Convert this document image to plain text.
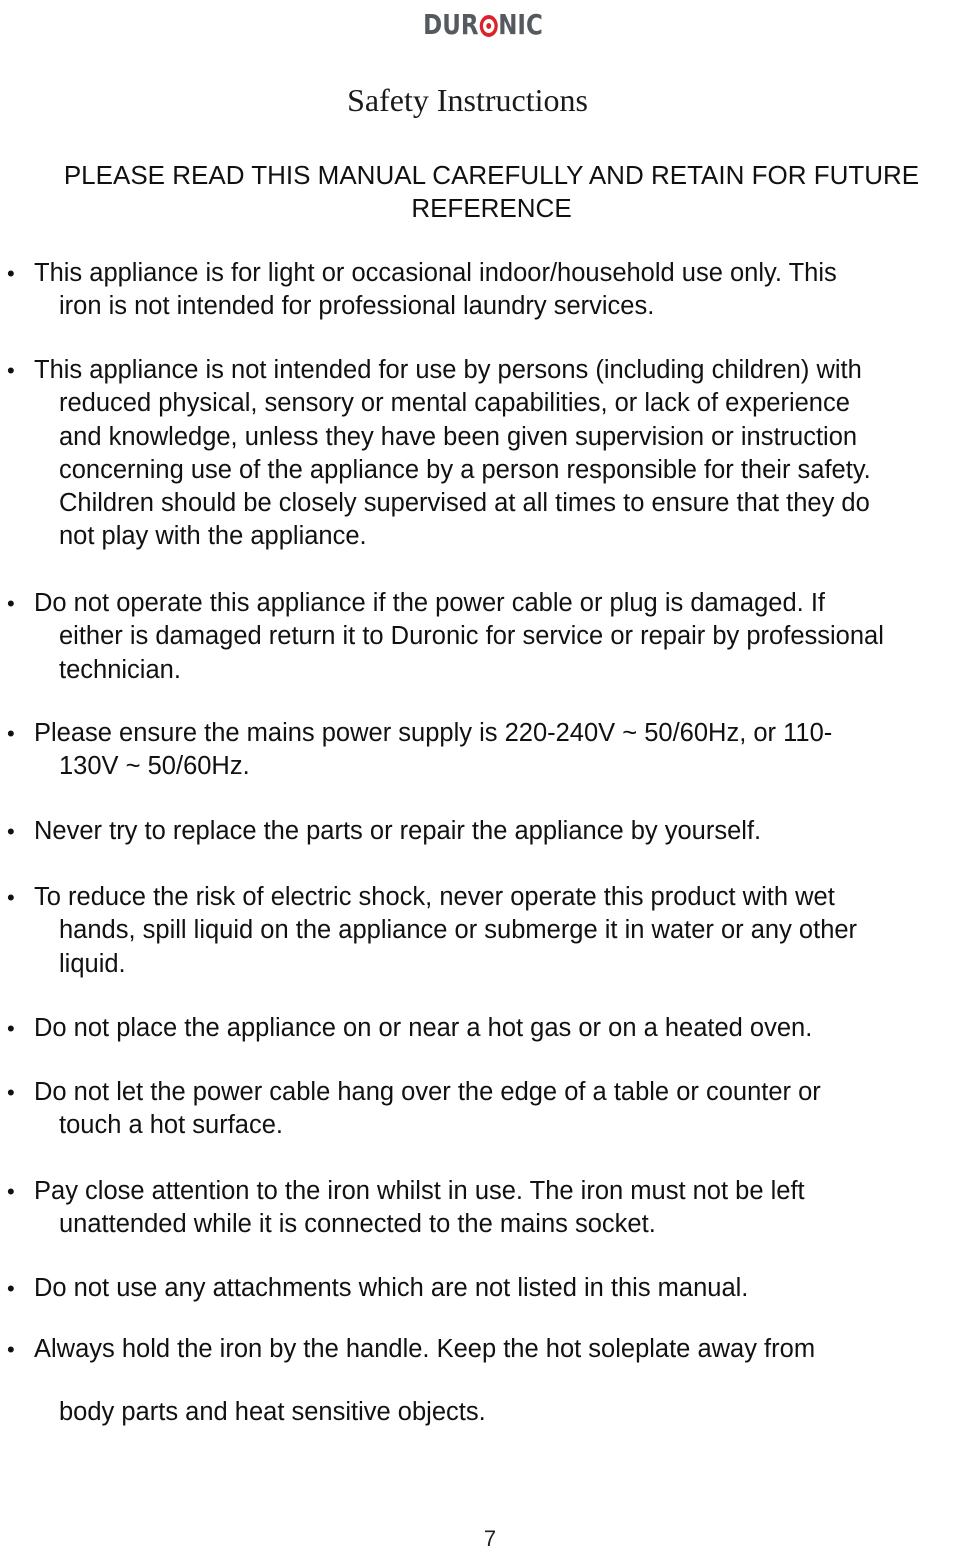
DUR NIC
Safety Instructions
PLEASE READ THIS MANUAL CAREFULLY AND RETAIN FOR FUTURE
REFERENCE
• This appliance is for light or occasional indoor/household use only. This
iron is not intended for professional laundry services.
• This appliance is not intended for use by persons (including children) with
reduced physical, sensory or mental capabilities, or lack of experience
and knowledge, unless they have been given supervision or instruction
concerning use of the appliance by a person responsible for their safety.
Children should be closely supervised at all times to ensure that they do
not play with the appliance.
• Do not operate this appliance if the power cable or plug is damaged. If
either is damaged return it to Duronic for service or repair by professional
technician.
• Please ensure the mains power supply is 220-240V ~ 50/60Hz, or 110-
130V ~ 50/60Hz.
• Never try to replace the parts or repair the appliance by yourself.
• To reduce the risk of electric shock, never operate this product with wet
hands, spill liquid on the appliance or submerge it in water or any other
liquid.
• Do not place the appliance on or near a hot gas or on a heated oven.
• Do not let the power cable hang over the edge of a table or counter or
touch a hot surface.
• Pay close attention to the iron whilst in use. The iron must not be left
unattended while it is connected to the mains socket.
• Do not use any attachments which are not listed in this manual.
• Always hold the iron by the handle. Keep the hot soleplate away from
body parts and heat sensitive objects.
7
